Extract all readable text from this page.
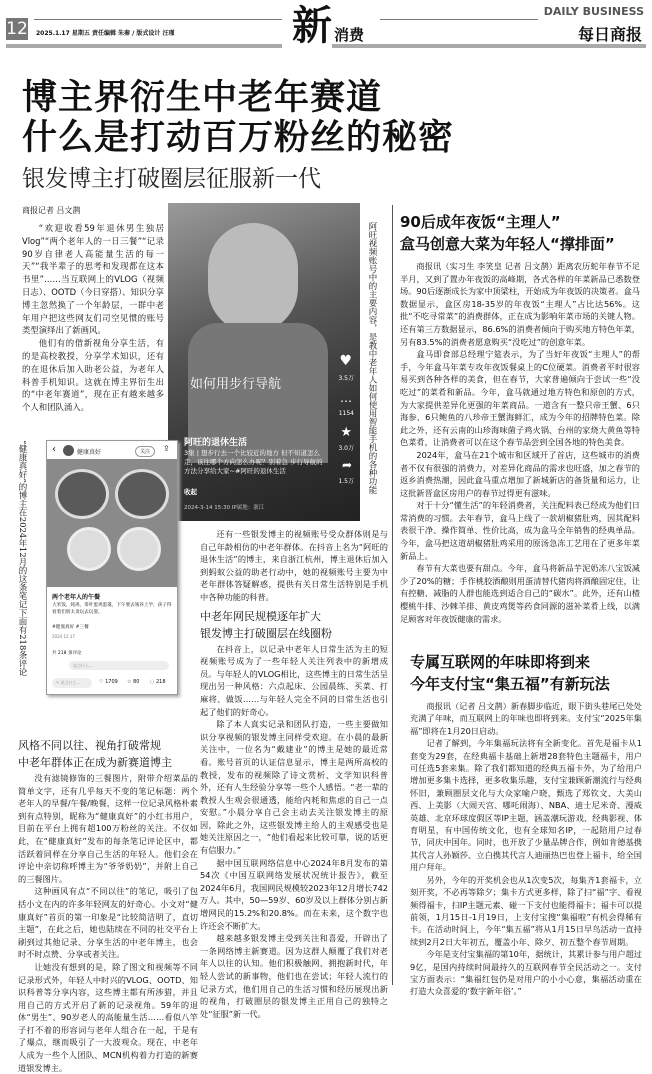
12 2025.1.17 星期五 责任编辑 朱秦 / 版式设计 汪瑾	新 消费
DAILY BUSINESS
每日商报
博主界衍生中老年赛道
什么是打动百万粉丝的秘密
银发博主打破圈层征服新一代
商报记者 吕文鹊

“欢迎收看59年退休男生独居Vlog”“两个老年人的一日三餐”“记录90岁自律老人高能量生活的每一天”“我半辈子的思考和发现都在这本书里”……当互联网上的VLOG（视频日志）、OOTD（今日穿搭）、知识分享博主忽然换了一个年龄层，一群中老年用户把这些网友们司空见惯的账号类型演绎出了新画风。

他们有的借新视角分享生活，有的是高校教授，分享学术知识，还有的在退休后加入助老公益，为老年人科普手机知识。这就在博主界衍生出的“中老年赛道”，现在正有越来越多个人和团队涌入。

如何用步行导航
♥
3.5万
…
1154
★
3.0万
➦
1.5万
阿旺的退休生活
3集 | 想步行去一个比较近的地方 但不知道怎么走，该往哪个方向怎么办呢？别着急 步行导航的方法分享给大家~#阿旺的退休生活
收起
2024-3-14 15:30 IP属地：浙江
阿旺视频账号中的主要内容，是教中老年人如何使用智能手机的各种功能
“健康真好”的博主在2024年12月的这条笔记下面有218条评论	‹	健康真好	关注	⇪
两个老年人的午餐
大米饭、炖鸡、茶叶蛋鸡蛋羹，下午要去领养上学，孩子得看着们别太贪玩去玩耍。
#健康真好 #三餐
2024 12 17
共 218 条评论
说点什么...
✎ 说点什么...	♡ 1709 ☆ 80 ◌ 218
风格不同以往、视角打破常规
中老年群体正在成为新赛道博主

没有滤镜修饰的三餐图片，附带介绍菜品的简单文字，还有几乎每天不变的笔记标题：两个老年人的早餐/午餐/晚餐，这样一位记录风格朴素到有点特别，昵称为“健康真好”的小红书用户，目前在平台上拥有超100万粉丝的关注。不仅如此，在“健康真好”发布的每条笔记评论区中，都活跃着同样在分享自己生活的年轻人。他们会在评论中亲切称呼博主为“爷爷奶奶”，并附上自己的三餐图片。

这种画风有点“不同以往”的笔记，吸引了包括小文在内的许多年轻网友的好奇心。小文对“健康真好”首页的第一印象是“比较简洁明了，直切主题”，在此之后，她也陆续在不同的社交平台上刷到过其他记录、分享生活的中老年博主，也会时不时点赞、分享或者关注。

让她没有想到的是，除了图文和视频等不同记录形式外，年轻人中时兴的VLOG、OOTD、知识科普等分享内容，这些博主都有所涉猎，并且用自己的方式开启了新的记录视角。59年的退休“男生”、90岁老人的高能量生活……看似八竿子打不着的形容词与老年人组合在一起，于是有了爆点，继而吸引了一大波观众。现在，中老年人成为一些个人团队、MCN机构着力打造的新赛道银发博主。

还有一些银发博主的视频账号受众群体则是与自己年龄相仿的中老年群体。在抖音上名为“阿旺的退休生活”的博主，来自浙江杭州，博主退休后加入到蚂蚁公益的助老行动中，她的视频账号主要为中老年群体答疑解惑，提供有关日常生活特别是手机中各种功能的科普。

中老年网民规模逐年扩大
银发博主打破圈层在线圈粉

在抖音上，以记录中老年人日常生活为主的短视频账号成为了一些年轻人关注列表中的新增成员。与年轻人的VLOG相比，这些博主的日常生活呈现出另一种风格：六点起床、公园晨练、买菜、打麻将、做饭……与年轻人完全不同的日常生活也引起了他们的好奇心。

除了本人真实记录和团队打造，一些主要做知识分享视频的银发博主同样受欢迎。在小晨的最新关注中，一位名为“戴建业”的博主是她的最近常看。账号首页的认证信息显示，博主是两所高校的教授，发布的视频除了诗文赏析、文学知识科普外，还有人生经验分享等一些个人感悟。“老一辈的教授人生观会很通透，能给内耗和焦虑的自己一点安慰。”小晨分享自己会主动去关注银发博主的原因，除此之外，这些银发博主给人的主观感受也是她关注原因之一，“他们看起来比较可靠，说的话更有信服力。”

据中国互联网络信息中心2024年8月发布的第54次《中国互联网络发展状况统计报告》，截至2024年6月，我国网民规模较2023年12月增长742万人。其中，50—59岁、60岁及以上群体分别占新增网民的15.2%和20.8%。而在未来，这个数字也许还会不断扩大。

越来越多银发博主受到关注和喜爱，开辟出了一条网络博主新赛道。因为这群人颠覆了我们对老年人以往的认知。他们积极触网、拥抱新时代，年轻人尝试的新事物，他们也在尝试；年轻人流行的记录方式，他们用自己的生活习惯和经历展现出新的视角，打破圈层的银发博主正用自己的独特之处“征服”新一代。

90后成年夜饭“主理人”
盒马创意大菜为年轻人“撑排面”

商报讯（实习生 李笑皇 记者 吕文鹊）距离农历蛇年春节不足半月，又到了置办年夜饭的高峰期，各式各样的年菜新品已悉数登场。90后逐渐成长为家中顶梁柱，开始成为年夜饭的决策者。盒马数据显示，盒区房18-35岁的年夜饭“主理人”占比达56%。这批“不吃寻常菜”的消费群体，正在成为影响年菜市场的关键人物。还有第三方数据显示，86.6%的消费者倾向于购买地方特色年菜，另有83.5%的消费者愿意购买“没吃过”的创意年菜。

盒马即食部总经理宁筵表示，为了当好年夜饭“主理人”的帮手，今年盒马年菜专攻年夜饭餐桌上的C位硬菜。消费者平时很容易买到各种各样的美食，但在春节，大家普遍倾向于尝试一些“没吃过”的菜肴和新品。今年，盒马就通过地方特色和原创的方式，为大家提供差异化更强的年菜商品。一道含有一整只帝王蟹、6只海参、6只鲍鱼的八珍帝王蟹海鲜汇，成为今年的招牌特色菜。除此之外，还有云南的山珍海味菌子鸡火锅、台州的家烧大黄鱼等特色菜肴，让消费者可以在这个春节品尝到全国各地的特色美食。

2024年，盒马在21个城市和区域开了首店，这些城市的消费者不仅有很强的消费力，对差异化商品的需求也旺盛，加之春节的返乡消费热潮，因此盒马重点增加了新城新店的备货量和运力，让这批新晋盒区房用户的春节过得更有滋味。

对于十分“懂生活”的年轻消费者，关注配料表已经成为他们日常消费的习惯。去年春节，盒马上线了一款胡椒猪肚鸡，因其配料表很干净、操作简单、性价比高，成为盒马全年销售的经典单品。今年，盒马把这道胡椒猪肚鸡采用的原汤急冻工艺用在了更多年菜新品上。

春节有大菜也要有甜点。今年，盒马将新品芋泥奶冻八宝饭减少了20%的糖；手作桃胶酒酿则用蛋清替代猪肉将酒酿固定住，让有控糖、减脂的人群也能选到适合自己的“碳水”。此外，还有山楂樱桃牛排、沙棘羊排、黄皮鸡煲等药食同源的滋补菜肴上线，以满足顾客对年夜饭健康的需求。

专属互联网的年味即将到来
今年支付宝“集五福”有新玩法

商报讯（记者 吕文鹊）新春脚步临近，眼下街头巷尾已处处充满了年味，而互联网上的年味也即将到来。支付宝“2025年集福”即将在1月20日启动。

记者了解到，今年集福玩法将有全新变化。首先是福卡从1套变为29套，在经典福卡基础上新增28套特色主题福卡，用户可任选5套来集。除了我们都知道的经典五福卡外，为了给用户增加更多集卡选择，更多收集乐趣，支付宝兼顾新潮流行与经典怀旧，兼顾圈层文化与大众家喻户晓，甄选了郑钦文、大美山西、上美影（大闹天宫、哪吒闹海）、NBA、迪士尼米奇、漫威英雄、北京环球度假区等IP主题，涵盖潮玩游戏、经典影视、体育明星，有中国传统文化，也有全球知名IP，一起陪用户过春节，同庆中国年。同时，也开放了少量品牌合作，例如肯德基携其代言人孙颖莎、立白携其代言人迪丽热巴也登上福卡，给全国用户拜年。

另外，今年的开奖机会也从1次变5次，每集齐1套福卡，立刻开奖，不必再等除夕；集卡方式更多样，除了扫“福”字、看视频得福卡，扫IP主题元素、碰一下支付也能得福卡；福卡可以提前领，1月15日-1月19日，上支付宝搜“集福啦”有机会得稀有卡。在活动时间上，今年“集五福”将从1月15日早鸟活动一直持续到2月2日大年初五，覆盖小年、除夕、初五整个春节周期。

今年是支付宝集福的第10年，据统计，其累计参与用户超过9亿，是国内持续时间最持久的互联网春节全民活动之一。支付宝方面表示：“集福红包仍是对用户的小小心意，集福活动重在打造大众喜爱的‘数字新年俗’。”
